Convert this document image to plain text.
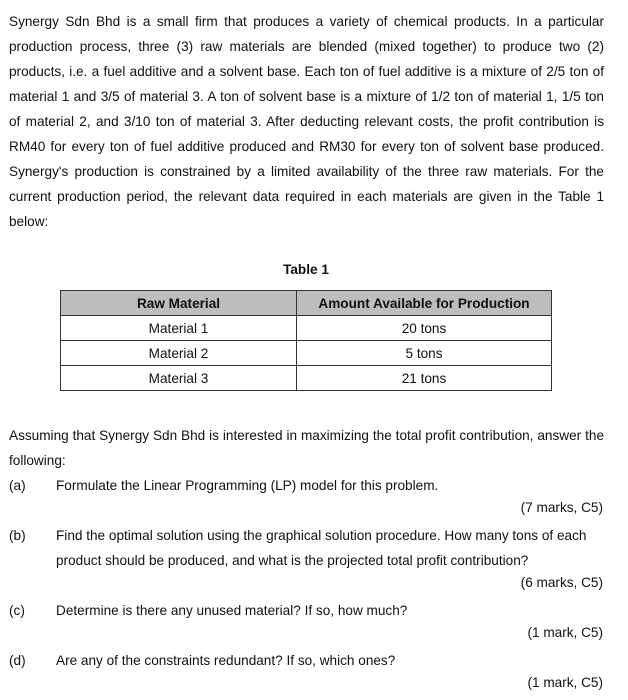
Synergy Sdn Bhd is a small firm that produces a variety of chemical products. In a particular production process, three (3) raw materials are blended (mixed together) to produce two (2) products, i.e. a fuel additive and a solvent base. Each ton of fuel additive is a mixture of 2/5 ton of material 1 and 3/5 of material 3. A ton of solvent base is a mixture of 1/2 ton of material 1, 1/5 ton of material 2, and 3/10 ton of material 3. After deducting relevant costs, the profit contribution is RM40 for every ton of fuel additive produced and RM30 for every ton of solvent base produced. Synergy's production is constrained by a limited availability of the three raw materials. For the current production period, the relevant data required in each materials are given in the Table 1 below:
Table 1
Raw Material	Amount Available for Production
Material 1	20 tons
Material 2	5 tons
Material 3	21 tons
Assuming that Synergy Sdn Bhd is interested in maximizing the total profit contribution, answer the following:
(a) Formulate the Linear Programming (LP) model for this problem.
(7 marks, C5)
(b) Find the optimal solution using the graphical solution procedure. How many tons of each product should be produced, and what is the projected total profit contribution?
(6 marks, C5)
(c) Determine is there any unused material? If so, how much?
(1 mark, C5)
(d) Are any of the constraints redundant? If so, which ones?
(1 mark, C5)
